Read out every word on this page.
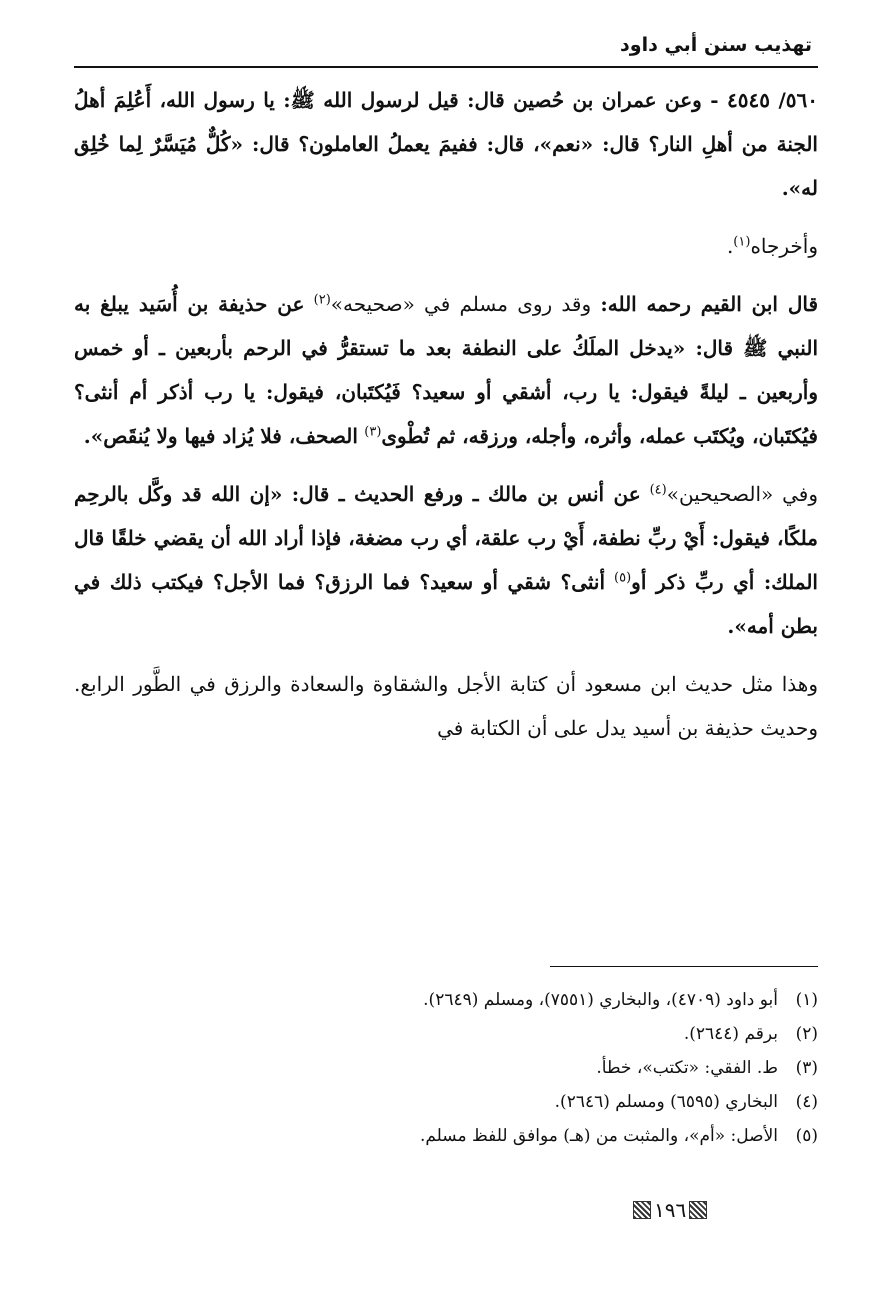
تهذيب سنن أبي داود

٥٦٠/ ٤٥٤٥ - وعن عمران بن حُصين قال: قيل لرسول الله ﷺ: يا رسول الله، أَعُلِمَ أهلُ الجنة من أهلِ النار؟ قال: «نعم»، قال: ففيمَ يعملُ العاملون؟ قال: «كُلٌّ مُيَسَّرٌ لِما خُلِق له».

وأخرجاه$^{(١)}$.

قال ابن القيم رحمه الله: وقد روى مسلم في «صحيحه»$^{(٢)}$ عن حذيفة بن أُسَيد يبلغ به النبي ﷺ قال: «يدخل الملَكُ على النطفة بعد ما تستقرُّ في الرحم بأربعين ـ أو خمس وأربعين ـ ليلةً فيقول: يا رب، أشقي أو سعيد؟ فَيُكتَبان، فيقول: يا رب أذكر أم أنثى؟ فيُكتَبان، ويُكتَب عمله، وأثره، وأجله، ورزقه، ثم تُطْوى$^{(٣)}$ الصحف، فلا يُزاد فيها ولا يُنقَص».

وفي «الصحيحين»$^{(٤)}$ عن أنس بن مالك ـ ورفع الحديث ـ قال: «إن الله قد وكَّل بالرحِم ملكًا، فيقول: أَيْ ربِّ نطفة، أَيْ رب علقة، أي رب مضغة، فإذا أراد الله أن يقضي خلقًا قال الملك: أي ربِّ ذكر أو$^{(٥)}$ أنثى؟ شقي أو سعيد؟ فما الرزق؟ فما الأجل؟ فيكتب ذلك في بطن أمه».

وهذا مثل حديث ابن مسعود أن كتابة الأجل والشقاوة والسعادة والرزق في الطَّور الرابع. وحديث حذيفة بن أسيد يدل على أن الكتابة في

(١)
أبو داود (٤٧٠٩)، والبخاري (٧٥٥١)، ومسلم (٢٦٤٩).
(٢)
برقم (٢٦٤٤).
(٣)
ط. الفقي: «تكتب»، خطأ.
(٤)
البخاري (٦٥٩٥) ومسلم (٢٦٤٦).
(٥)
الأصل: «أم»، والمثبت من (هـ) موافق للفظ مسلم.
١٩٦
